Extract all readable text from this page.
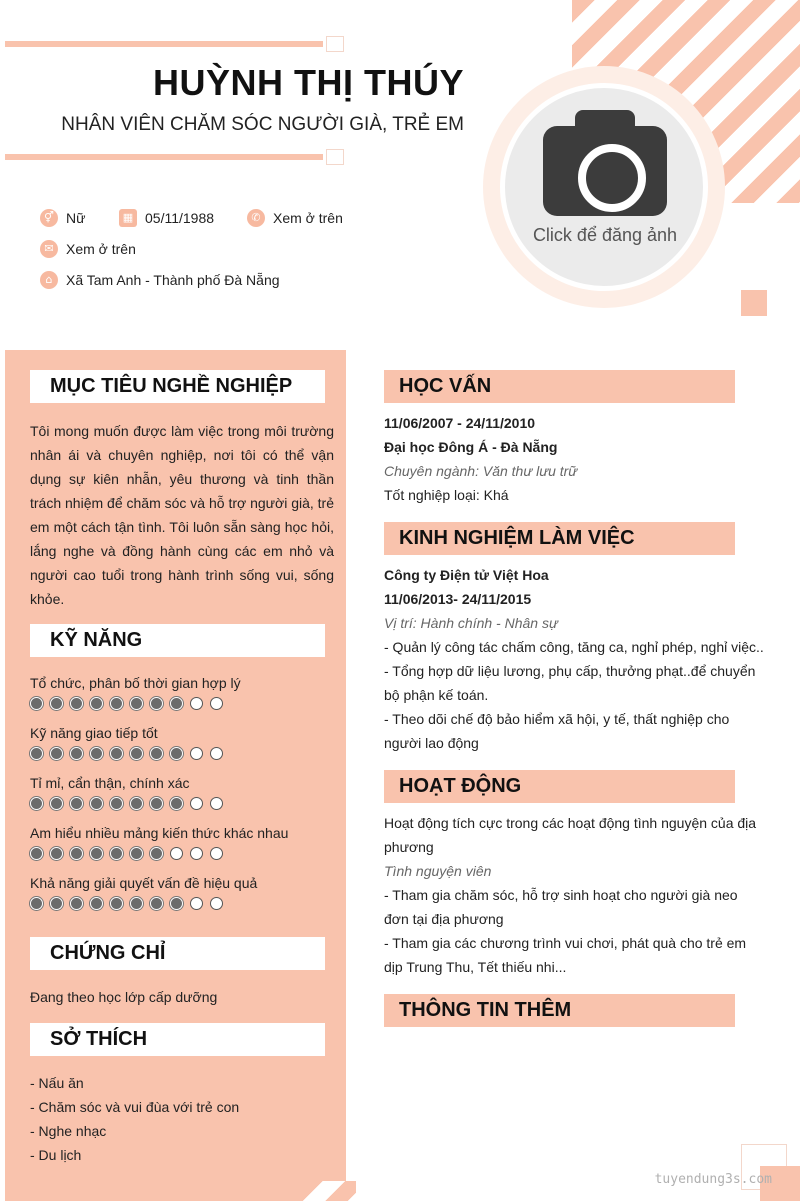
HUỲNH THỊ THÚY
NHÂN VIÊN CHĂM SÓC NGƯỜI GIÀ, TRẺ EM
Click để đăng ảnh
⚥ Nữ	▦ 05/11/1988	✆ Xem ở trên
✉ Xem ở trên
⌂ Xã Tam Anh - Thành phố Đà Nẵng
MỤC TIÊU NGHỀ NGHIỆP
Tôi mong muốn được làm việc trong môi trường nhân ái và chuyên nghiệp, nơi tôi có thể vận dụng sự kiên nhẫn, yêu thương và tinh thần trách nhiệm để chăm sóc và hỗ trợ người già, trẻ em một cách tận tình. Tôi luôn sẵn sàng học hỏi, lắng nghe và đồng hành cùng các em nhỏ và người cao tuổi trong hành trình sống vui, sống khỏe.
KỸ NĂNG
Tổ chức, phân bố thời gian hợp lý
Kỹ năng giao tiếp tốt
Tỉ mỉ, cẩn thận, chính xác
Am hiểu nhiều mảng kiến thức khác nhau
Khả năng giải quyết vấn đề hiệu quả
CHỨNG CHỈ
Đang theo học lớp cấp dưỡng
SỞ THÍCH
- Nấu ăn
- Chăm sóc và vui đùa với trẻ con
- Nghe nhạc
- Du lịch
HỌC VẤN
11/06/2007 - 24/11/2010
Đại học Đông Á - Đà Nẵng
Chuyên ngành: Văn thư lưu trữ
Tốt nghiệp loại: Khá
KINH NGHIỆM LÀM VIỆC
Công ty Điện tử Việt Hoa
11/06/2013- 24/11/2015
Vị trí: Hành chính - Nhân sự
- Quản lý công tác chấm công, tăng ca, nghỉ phép, nghỉ việc..
- Tổng hợp dữ liệu lương, phụ cấp, thưởng phạt..để chuyển bộ phận kế toán.
- Theo dõi chế độ bảo hiểm xã hội, y tế, thất nghiệp cho người lao động
HOẠT ĐỘNG
Hoạt động tích cực trong các hoạt động tình nguyện của địa phương
Tình nguyện viên
- Tham gia chăm sóc, hỗ trợ sinh hoạt cho người già neo đơn tại địa phương
- Tham gia các chương trình vui chơi, phát quà cho trẻ em dịp Trung Thu, Tết thiếu nhi...
THÔNG TIN THÊM
tuyendung3s.com
